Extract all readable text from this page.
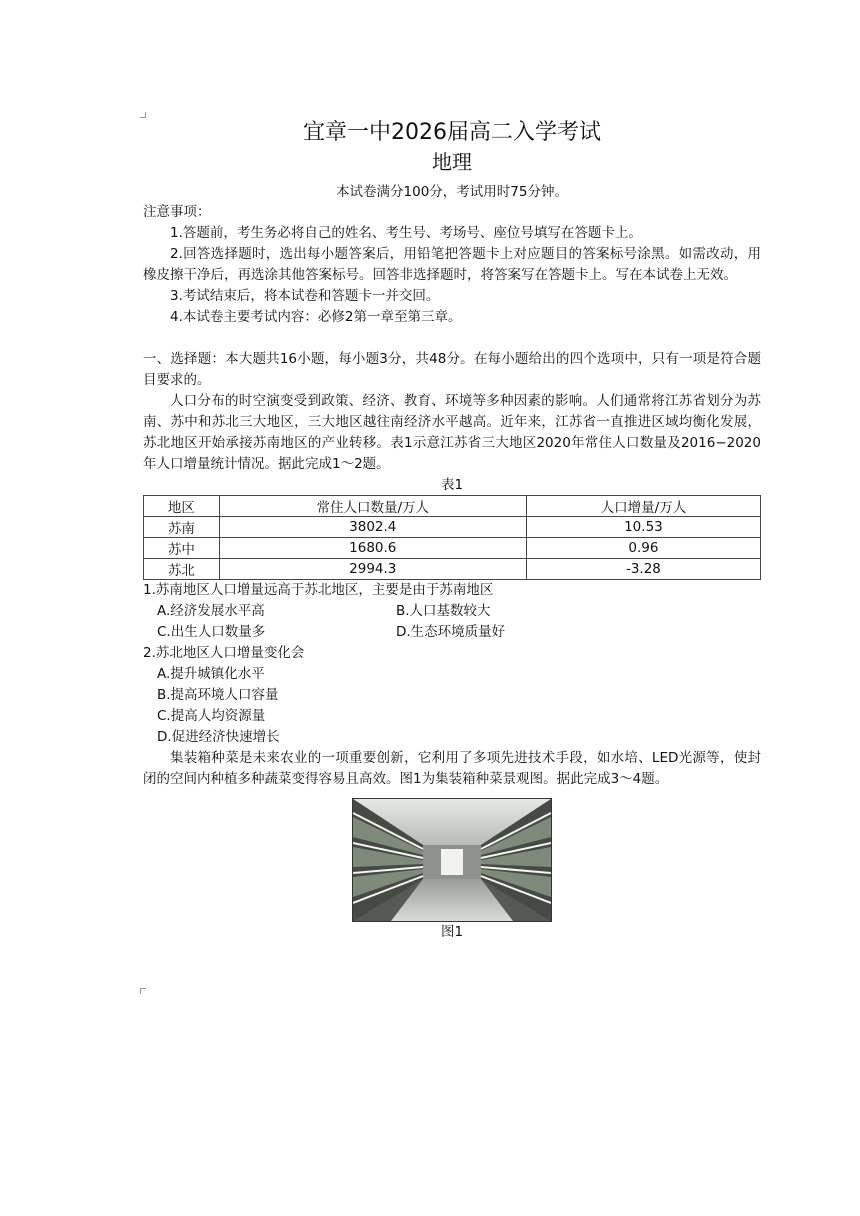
宜章一中2026届高二入学考试
地理
本试卷满分100分，考试用时75分钟。

注意事项：

1.答题前，考生务必将自己的姓名、考生号、考场号、座位号填写在答题卡上。

2.回答选择题时，选出每小题答案后，用铅笔把答题卡上对应题目的答案标号涂黑。如需改动，用橡皮擦干净后，再选涂其他答案标号。回答非选择题时，将答案写在答题卡上。写在本试卷上无效。

3.考试结束后，将本试卷和答题卡一并交回。

4.本试卷主要考试内容：必修2第一章至第三章。

一、选择题：本大题共16小题，每小题3分，共48分。在每小题给出的四个选项中，只有一项是符合题目要求的。

人口分布的时空演变受到政策、经济、教育、环境等多种因素的影响。人们通常将江苏省划分为苏南、苏中和苏北三大地区，三大地区越往南经济水平越高。近年来，江苏省一直推进区域均衡化发展，苏北地区开始承接苏南地区的产业转移。表1示意江苏省三大地区2020年常住人口数量及2016−2020年人口增量统计情况。据此完成1～2题。

表1
地区	常住人口数量/万人	人口增量/万人
苏南	3802.4	10.53
苏中	1680.6	0.96
苏北	2994.3	-3.28

1.苏南地区人口增量远高于苏北地区，主要是由于苏南地区

A.经济发展水平高	B.人口基数较大
C.出生人口数量多	D.生态环境质量好

2.苏北地区人口增量变化会

A.提升城镇化水平
B.提高环境人口容量
C.提高人均资源量
D.促进经济快速增长

集装箱种菜是未来农业的一项重要创新，它利用了多项先进技术手段，如水培、LED光源等，使封闭的空间内种植多种蔬菜变得容易且高效。图1为集装箱种菜景观图。据此完成3～4题。

图1
